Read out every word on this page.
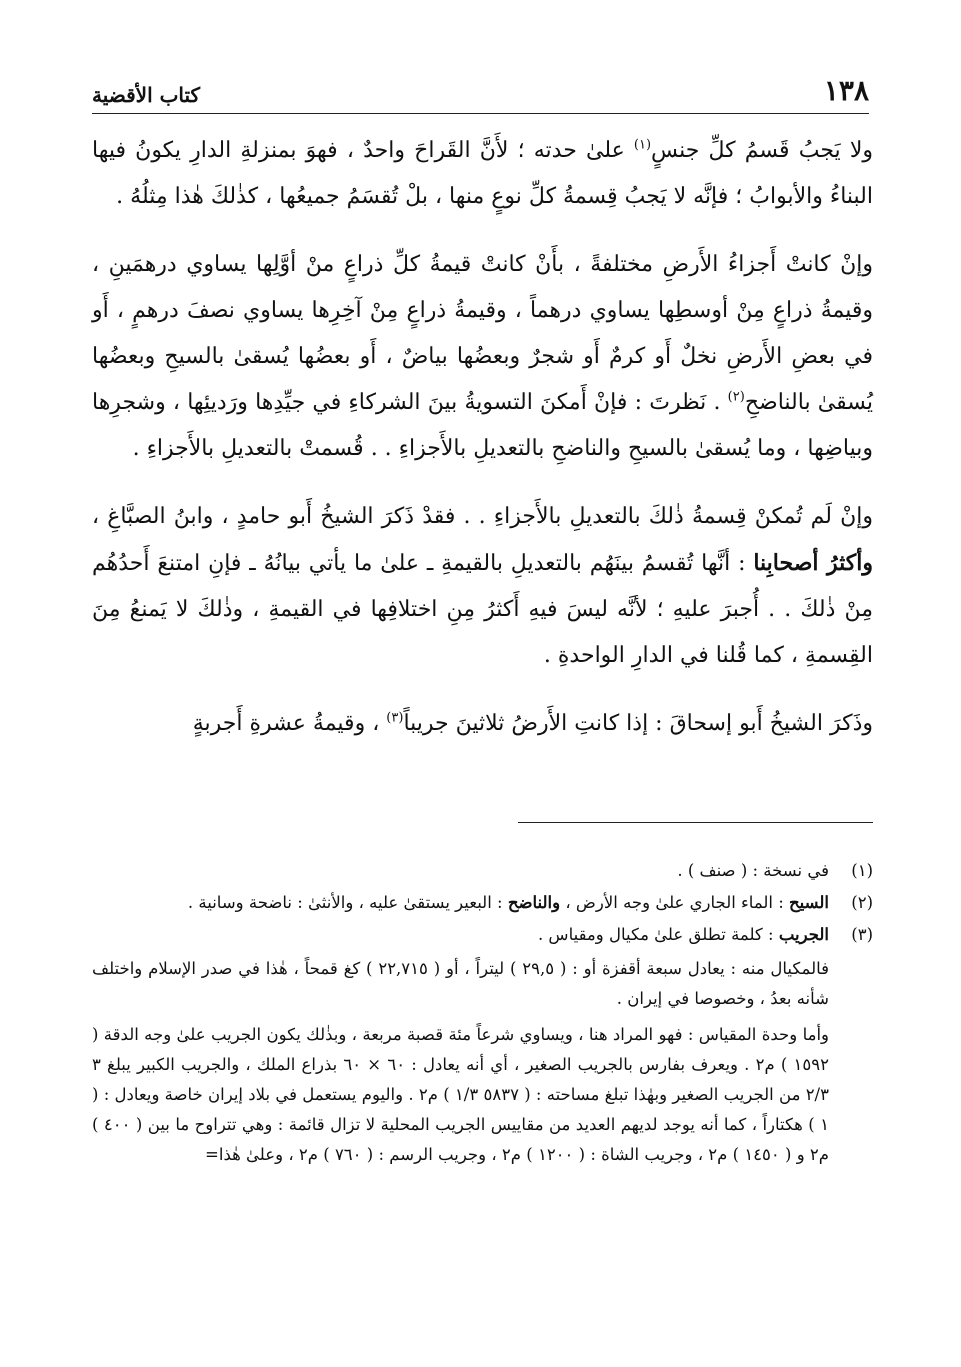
١٣٨
كتاب الأقضية

ولا يَجبُ قَسمُ كلِّ جنسٍ$^{(١)}$ علىٰ حدته ؛ لأَنَّ القَراحَ واحدٌ ، فهوَ بمنزلةِ الدارِ يكونُ فيها البناءُ والأبوابُ ؛ فإنَّه لا يَجبُ قِسمةُ كلِّ نوعٍ منها ، بلْ تُقسَمُ جميعُها ، كذٰلكَ هٰذا مِثلُهُ .

وإنْ كانتْ أَجزاءُ الأَرضِ مختلفةً ، بأَنْ كانتْ قيمةُ كلِّ ذراعٍ منْ أوَّلِها يساوي درهمَينِ ، وقيمةُ ذراعٍ مِنْ أوسطِها يساوي درهماً ، وقيمةُ ذراعٍ مِنْ آخِرِها يساوي نصفَ درهمٍ ، أَو في بعضِ الأَرضِ نخلٌ أَو كرمٌ أَو شجرٌ وبعضُها بياضٌ ، أَو بعضُها يُسقىٰ بالسيحِ وبعضُها يُسقىٰ بالناضحِ$^{(٢)}$ . نَظرتَ : فإنْ أَمكنَ التسويةُ بينَ الشركاءِ في جيِّدِها ورَديئِها ، وشجرِها وبياضِها ، وما يُسقىٰ بالسيحِ والناضحِ بالتعديلِ بالأَجزاءِ . . قُسمتْ بالتعديلِ بالأَجزاءِ .

وإنْ لَم تُمكنْ قِسمةُ ذٰلكَ بالتعديلِ بالأَجزاءِ . . فقدْ ذَكرَ الشيخُ أَبو حامدٍ ، وابنُ الصبَّاغِ ، وأكثرُ أصحابِنا : أنَّها تُقسمُ بينَهُم بالتعديلِ بالقيمةِ ـ علىٰ ما يأتي بيانُهُ ـ فإنِ امتنعَ أَحدُهُم مِنْ ذٰلكَ . . أُجبرَ عليهِ ؛ لأنَّه ليسَ فيهِ أَكثرُ مِنِ اختلافِها في القيمةِ ، وذٰلكَ لا يَمنعُ مِنَ القِسمةِ ، كما قُلنا في الدارِ الواحدةِ .

وذَكرَ الشيخُ أَبو إسحاقَ : إذا كانتِ الأَرضُ ثلاثينَ جريباً$^{(٣)}$ ، وقيمةُ عشرةِ أَجربةٍ

(١)
في نسخة : ( صنف ) .
(٢)
السيح : الماء الجاري علىٰ وجه الأرض ، والناضح : البعير يستقىٰ عليه ، والأنثىٰ : ناضحة وسانية .
(٣)
الجريب : كلمة تطلق علىٰ مكيال ومقياس .

فالمكيال منه : يعادل سبعة أقفزة أو : ( ٢٩,٥ ) ليتراً ، أو ( ٢٢,٧١٥ ) كغ قمحاً ، هٰذا في صدر الإسلام واختلف شأنه بعدُ ، وخصوصا في إيران .

وأما وحدة المقياس : فهو المراد هنا ، ويساوي شرعاً مئة قصبة مربعة ، وبذٰلك يكون الجريب علىٰ وجه الدقة ( ١٥٩٢ ) م٢ . ويعرف بفارس بالجريب الصغير ، أي أنه يعادل : ٦٠ × ٦٠ بذراع الملك ، والجريب الكبير يبلغ ٣ ٢/٣ من الجريب الصغير وبهٰذا تبلغ مساحته : ( ٥٨٣٧ ١/٣ ) م٢ . واليوم يستعمل في بلاد إيران خاصة ويعادل : ( ١ ) هكتاراً ، كما أنه يوجد لديهم العديد من مقاييس الجريب المحلية لا تزال قائمة : وهي تتراوح ما بين ( ٤٠٠ ) م٢ و ( ١٤٥٠ ) م٢ ، وجريب الشاة : ( ١٢٠٠ ) م٢ ، وجريب الرسم : ( ٧٦٠ ) م٢ ، وعلىٰ هٰذا=
